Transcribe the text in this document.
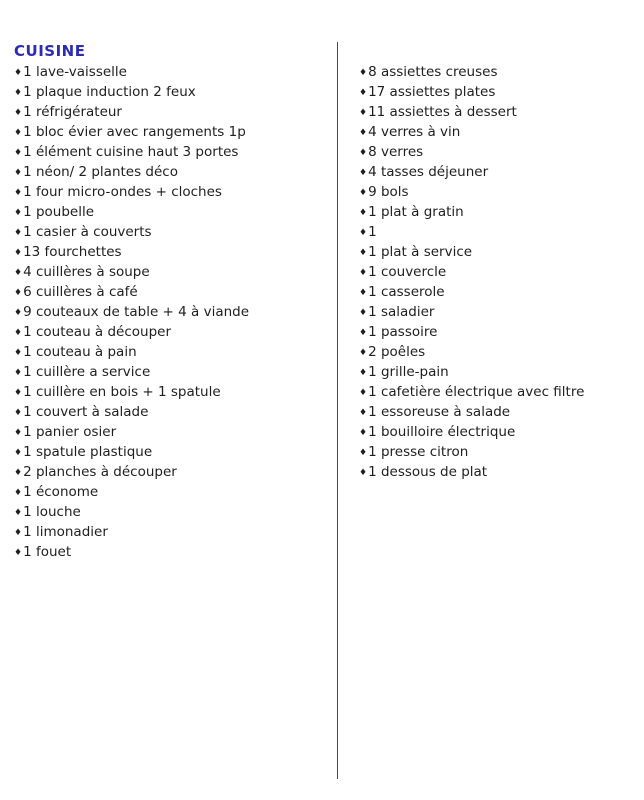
CUISINE
♦1 lave-vaisselle
♦1 plaque induction 2 feux
♦1 réfrigérateur
♦1 bloc évier avec rangements 1p
♦1 élément cuisine haut 3 portes
♦1 néon/ 2 plantes déco
♦1 four micro-ondes + cloches
♦1 poubelle
♦1 casier à couverts
♦13 fourchettes
♦4 cuillères à soupe
♦6 cuillères à café
♦9 couteaux de table + 4 à viande
♦1 couteau à découper
♦1 couteau à pain
♦1 cuillère a service
♦1 cuillère en bois + 1 spatule
♦1 couvert à salade
♦1 panier osier
♦1 spatule plastique
♦2 planches à découper
♦1 économe
♦1 louche
♦1 limonadier
♦1 fouet
♦8 assiettes creuses
♦17 assiettes plates
♦11 assiettes à dessert
♦4 verres à vin
♦8 verres
♦4 tasses déjeuner
♦9 bols
♦1 plat à gratin
♦1
♦1 plat à service
♦1 couvercle
♦1 casserole
♦1 saladier
♦1 passoire
♦2 poêles
♦1 grille-pain
♦1 cafetière électrique avec filtre
♦1 essoreuse à salade
♦1 bouilloire électrique
♦1 presse citron
♦1 dessous de plat
